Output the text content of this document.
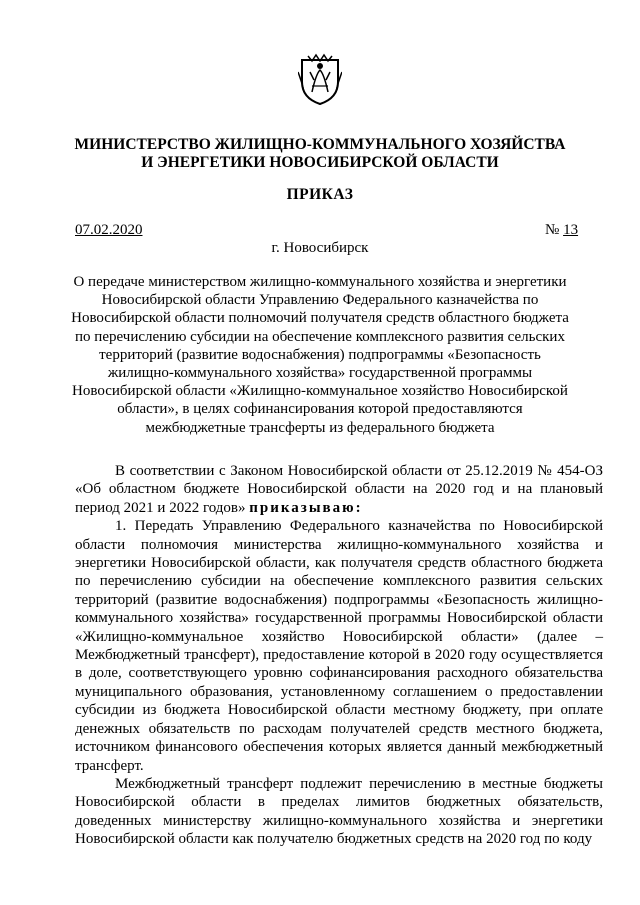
МИНИСТЕРСТВО ЖИЛИЩНО-КОММУНАЛЬНОГО ХОЗЯЙСТВА
И ЭНЕРГЕТИКИ НОВОСИБИРСКОЙ ОБЛАСТИ
ПРИКАЗ
07.02.2020	№ 13
г. Новосибирск
О передаче министерством жилищно-коммунального хозяйства и энергетики Новосибирской области Управлению Федерального казначейства по Новосибирской области полномочий получателя средств областного бюджета по перечислению субсидии на обеспечение комплексного развития сельских территорий (развитие водоснабжения) подпрограммы «Безопасность жилищно-коммунального хозяйства» государственной программы Новосибирской области «Жилищно-коммунальное хозяйство Новосибирской области», в целях софинансирования которой предоставляются межбюджетные трансферты из федерального бюджета

В соответствии с Законом Новосибирской области от 25.12.2019 № 454-ОЗ «Об областном бюджете Новосибирской области на 2020 год и на плановый период 2021 и 2022 годов» приказываю:

1. Передать Управлению Федерального казначейства по Новосибирской области полномочия министерства жилищно-коммунального хозяйства и энергетики Новосибирской области, как получателя средств областного бюджета по перечислению субсидии на обеспечение комплексного развития сельских территорий (развитие водоснабжения) подпрограммы «Безопасность жилищно-коммунального хозяйства» государственной программы Новосибирской области «Жилищно-коммунальное хозяйство Новосибирской области» (далее – Межбюджетный трансферт), предоставление которой в 2020 году осуществляется в доле, соответствующего уровню софинансирования расходного обязательства муниципального образования, установленному соглашением о предоставлении субсидии из бюджета Новосибирской области местному бюджету, при оплате денежных обязательств по расходам получателей средств местного бюджета, источником финансового обеспечения которых является данный межбюджетный трансферт.

Межбюджетный трансферт подлежит перечислению в местные бюджеты Новосибирской области в пределах лимитов бюджетных обязательств, доведенных министерству жилищно-коммунального хозяйства и энергетики Новосибирской области как получателю бюджетных средств на 2020 год по коду
